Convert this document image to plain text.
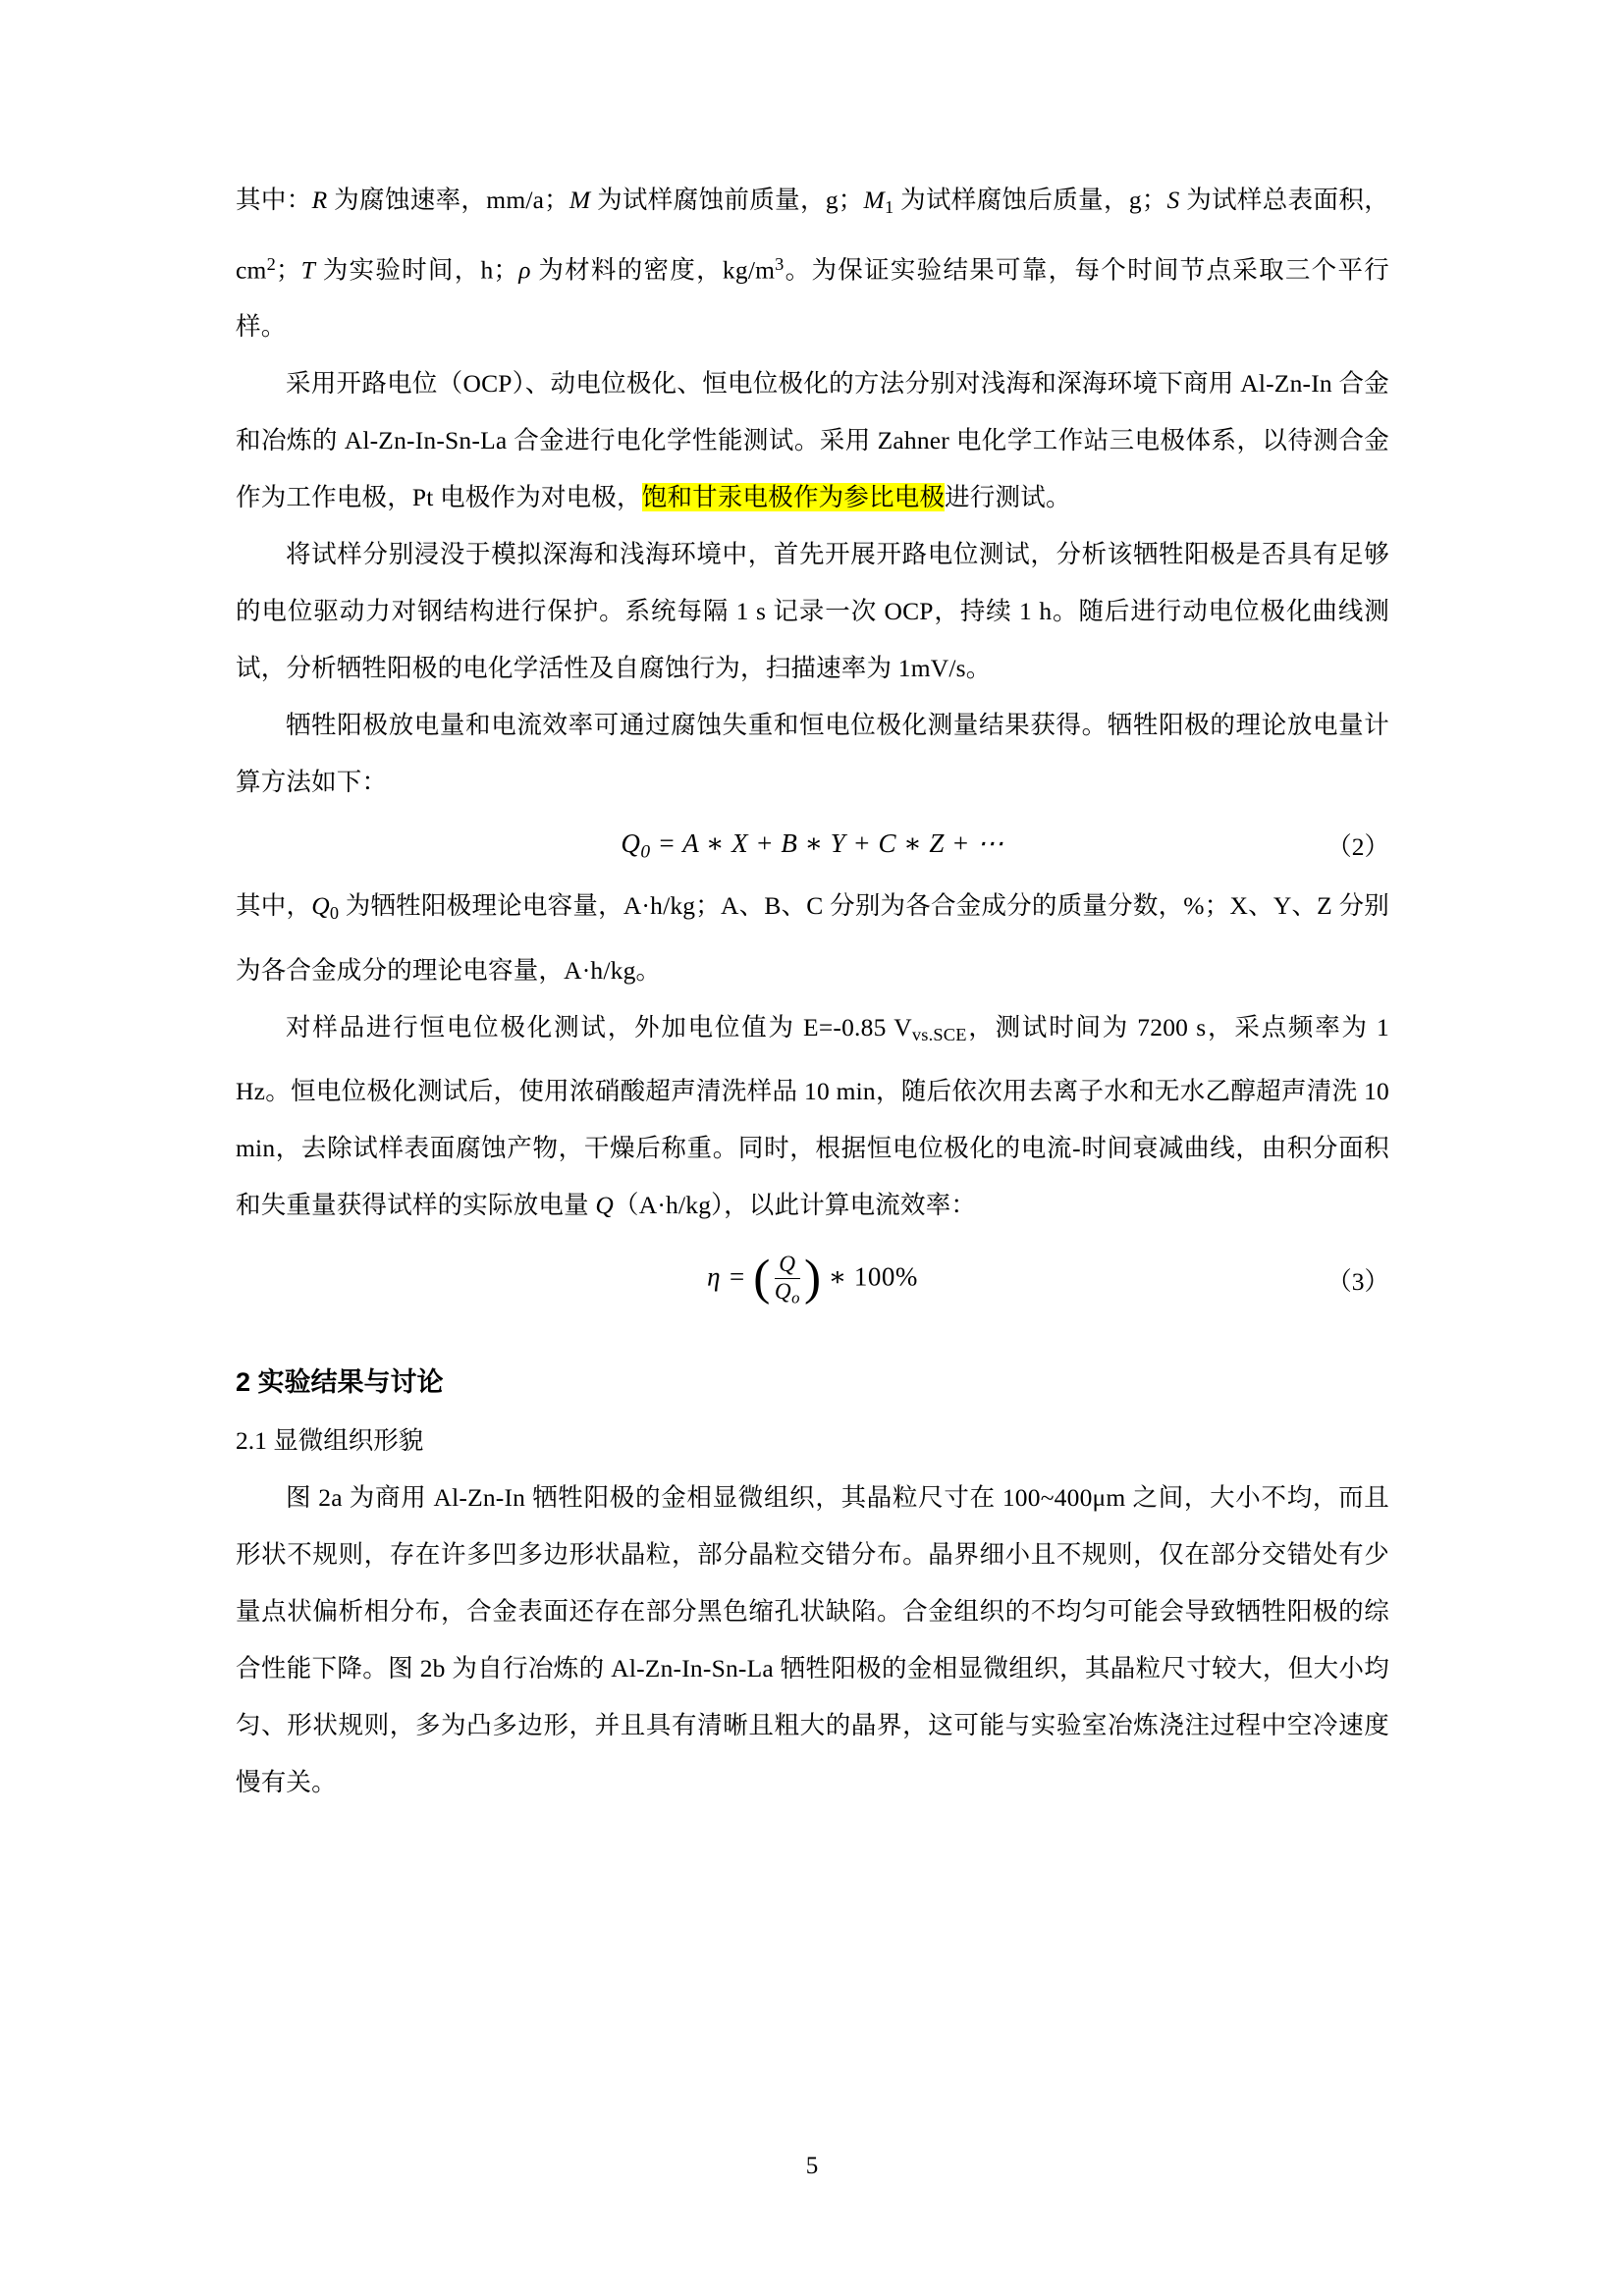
其中：R 为腐蚀速率，mm/a；M 为试样腐蚀前质量，g；$M_1$ 为试样腐蚀后质量，g；S 为试样总表面积，$cm^2$；T 为实验时间，h；ρ 为材料的密度，$kg/m^3$。为保证实验结果可靠，每个时间节点采取三个平行样。

采用开路电位（OCP）、动电位极化、恒电位极化的方法分别对浅海和深海环境下商用 Al-Zn-In 合金和冶炼的 Al-Zn-In-Sn-La 合金进行电化学性能测试。采用 Zahner 电化学工作站三电极体系，以待测合金作为工作电极，Pt 电极作为对电极，饱和甘汞电极作为参比电极进行测试。

将试样分别浸没于模拟深海和浅海环境中，首先开展开路电位测试，分析该牺牲阳极是否具有足够的电位驱动力对钢结构进行保护。系统每隔 1 s 记录一次 OCP，持续 1 h。随后进行动电位极化曲线测试，分析牺牲阳极的电化学活性及自腐蚀行为，扫描速率为 1mV/s。

牺牲阳极放电量和电流效率可通过腐蚀失重和恒电位极化测量结果获得。牺牲阳极的理论放电量计算方法如下：

$Q_0 = A$ ∗ X + B ∗ Y + C ∗ Z + ⋯	（2）

其中，$Q_0$ 为牺牲阳极理论电容量，A·h/kg；A、B、C 分别为各合金成分的质量分数，%；X、Y、Z 分别为各合金成分的理论电容量，A·h/kg。

对样品进行恒电位极化测试，外加电位值为 E=-0.85 $V_{vs.SCE}$，测试时间为 7200 s，采点频率为 1 Hz。恒电位极化测试后，使用浓硝酸超声清洗样品 10 min，随后依次用去离子水和无水乙醇超声清洗 10 min，去除试样表面腐蚀产物，干燥后称重。同时，根据恒电位极化的电流-时间衰减曲线，由积分面积和失重量获得试样的实际放电量 Q（A·h/kg），以此计算电流效率：

η = ( $\frac{Q}{Q_o}$ ) ∗ 100%	（3）
2 实验结果与讨论
2.1 显微组织形貌

图 2a 为商用 Al-Zn-In 牺牲阳极的金相显微组织，其晶粒尺寸在 100~400μm 之间，大小不均，而且形状不规则，存在许多凹多边形状晶粒，部分晶粒交错分布。晶界细小且不规则，仅在部分交错处有少量点状偏析相分布，合金表面还存在部分黑色缩孔状缺陷。合金组织的不均匀可能会导致牺牲阳极的综合性能下降。图 2b 为自行冶炼的 Al-Zn-In-Sn-La 牺牲阳极的金相显微组织，其晶粒尺寸较大，但大小均匀、形状规则，多为凸多边形，并且具有清晰且粗大的晶界，这可能与实验室冶炼浇注过程中空冷速度慢有关。

5
